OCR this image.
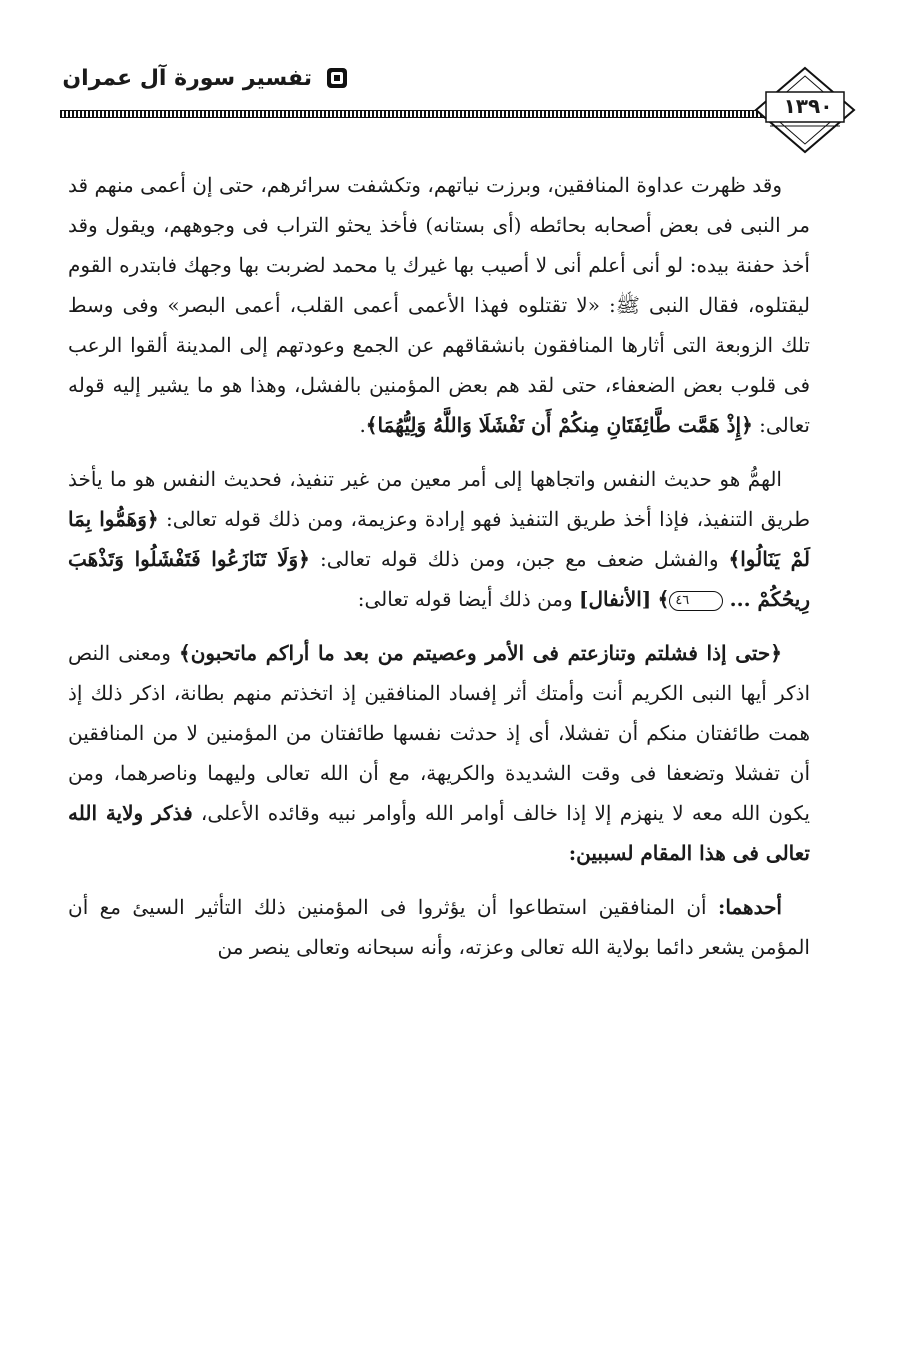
تفسير سورة آل عمران
١٣٩٠

وقد ظهرت عداوة المنافقين، وبرزت نياتهم، وتكشفت سرائرهم، حتى إن أعمى منهم قد مر النبى فى بعض أصحابه بحائطه (أى بستانه) فأخذ يحثو التراب فى وجوههم، ويقول وقد أخذ حفنة بيده: لو أنى أعلم أنى لا أصيب بها غيرك يا محمد لضربت بها وجهك فابتدره القوم ليقتلوه، فقال النبى ﷺ: «لا تقتلوه فهذا الأعمى أعمى القلب، أعمى البصر» وفى وسط تلك الزوبعة التى أثارها المنافقون بانشقاقهم عن الجمع وعودتهم إلى المدينة ألقوا الرعب فى قلوب بعض الضعفاء، حتى لقد هم بعض المؤمنين بالفشل، وهذا هو ما يشير إليه قوله تعالى: ﴿إِذْ هَمَّت طَّائِفَتَانِ مِنكُمْ أَن تَفْشَلَا وَاللَّهُ وَلِيُّهُمَا﴾.

الهمُّ هو حديث النفس واتجاهها إلى أمر معين من غير تنفيذ، فحديث النفس هو ما يأخذ طريق التنفيذ، فإذا أخذ طريق التنفيذ فهو إرادة وعزيمة، ومن ذلك قوله تعالى: ﴿وَهَمُّوا بِمَا لَمْ يَنَالُوا﴾ والفشل ضعف مع جبن، ومن ذلك قوله تعالى: ﴿وَلَا تَنَازَعُوا فَتَفْشَلُوا وَتَذْهَبَ رِيحُكُمْ ... ٤٦﴾ [الأنفال] ومن ذلك أيضا قوله تعالى:

﴿حتى إذا فشلتم وتنازعتم فى الأمر وعصيتم من بعد ما أراكم ماتحبون﴾ ومعنى النص اذكر أيها النبى الكريم أنت وأمتك أثر إفساد المنافقين إذ اتخذتم منهم بطانة، اذكر ذلك إذ همت طائفتان منكم أن تفشلا، أى إذ حدثت نفسها طائفتان من المؤمنين لا من المنافقين أن تفشلا وتضعفا فى وقت الشديدة والكريهة، مع أن الله تعالى وليهما وناصرهما، ومن يكون الله معه لا ينهزم إلا إذا خالف أوامر الله وأوامر نبيه وقائده الأعلى، فذكر ولاية الله تعالى فى هذا المقام لسببين:

أحدهما: أن المنافقين استطاعوا أن يؤثروا فى المؤمنين ذلك التأثير السيئ مع أن المؤمن يشعر دائما بولاية الله تعالى وعزته، وأنه سبحانه وتعالى ينصر من
